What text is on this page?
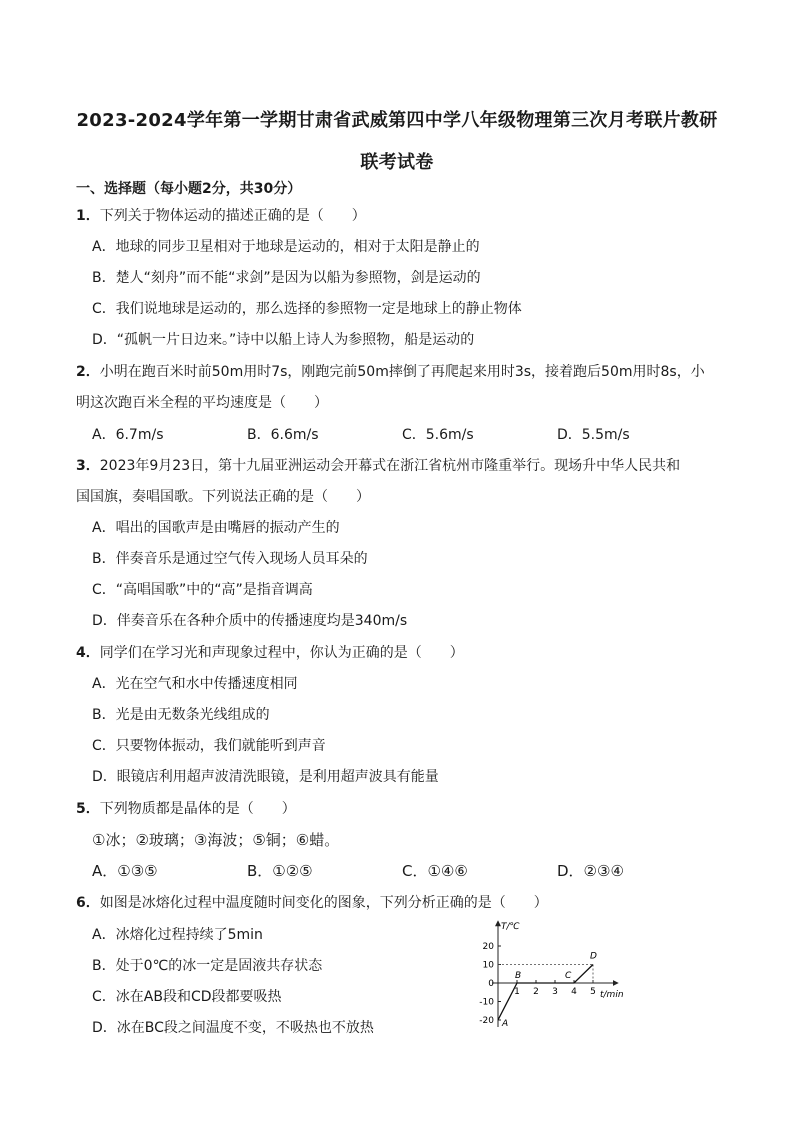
2023-2024学年第一学期甘肃省武威第四中学八年级物理第三次月考联片教研
联考试卷
一、选择题（每小题2分，共30分）
1．下列关于物体运动的描述正确的是（　　）
A．地球的同步卫星相对于地球是运动的，相对于太阳是静止的
B．楚人“刻舟”而不能“求剑”是因为以船为参照物，剑是运动的
C．我们说地球是运动的，那么选择的参照物一定是地球上的静止物体
D．“孤帆一片日边来。”诗中以船上诗人为参照物，船是运动的
2．小明在跑百米时前50m用时7s，刚跑完前50m摔倒了再爬起来用时3s，接着跑后50m用时8s，小
明这次跑百米全程的平均速度是（　　）
A．6.7m/s	B．6.6m/s	C．5.6m/s	D．5.5m/s
3．2023年9月23日，第十九届亚洲运动会开幕式在浙江省杭州市隆重举行。现场升中华人民共和
国国旗，奏唱国歌。下列说法正确的是（　　）
A．唱出的国歌声是由嘴唇的振动产生的
B．伴奏音乐是通过空气传入现场人员耳朵的
C．“高唱国歌”中的“高”是指音调高
D．伴奏音乐在各种介质中的传播速度均是340m/s
4．同学们在学习光和声现象过程中，你认为正确的是（　　）
A．光在空气和水中传播速度相同
B．光是由无数条光线组成的
C．只要物体振动，我们就能听到声音
D．眼镜店利用超声波清洗眼镜，是利用超声波具有能量
5．下列物质都是晶体的是（　　）
①冰；②玻璃；③海波；⑤铜；⑥蜡。
A．①③⑤	B．①②⑤	C．①④⑥	D．②③④
6．如图是冰熔化过程中温度随时间变化的图象，下列分析正确的是（　　）
A．冰熔化过程持续了5min
B．处于0℃的冰一定是固液共存状态
C．冰在AB段和CD段都要吸热
D．冰在BC段之间温度不变，不吸热也不放热
T/℃
t/min
20
10
-10
-20
0
1 2 3 4 5
A
B	C
D
